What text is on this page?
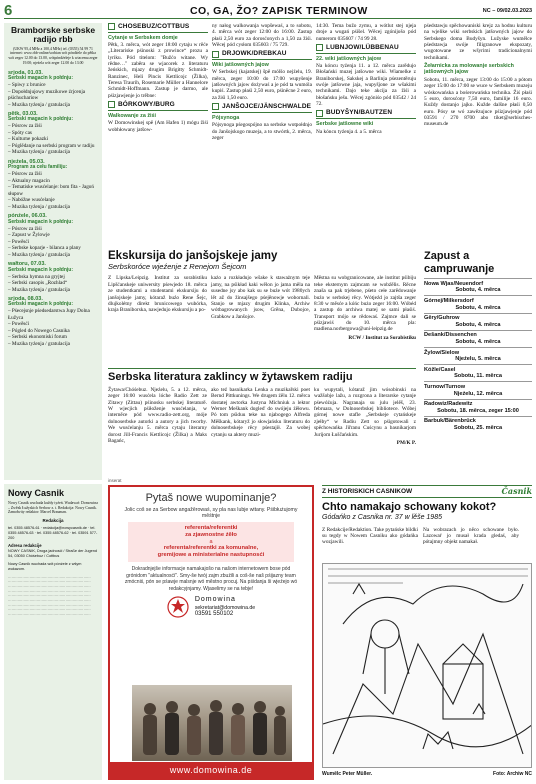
6	CO, GA, ŽO? ZAPISK TERMINOW	NC – 09/02.03.2023
Bramborske serbske radijo rbb
(UKW 95,4 MHz a 100,4 MHz) tel. (0355) 54 99 71 internet: www.rbb-online/sorbian wót póndźele do pětka wót zeger 12.00 do 13.00, wótpóndźeleje k wiacemu zeger 19.00; njeźela wót zeger 12.00 do 13.00
srjoda, 01.03.
Serbski magacin k połdnju:
– Spiwy z brunice
– Dopołdnjujowy muzikowe źrjcenja pśichuchariow
– Muzika tyźenja / gratulacija
pětk, 03.03.
Serbski magacin k połdnju:
– Pósrow za žiśi
– Spóty cas
– Kulturne pokazki
– Póglědanje na serbski program w radiju
– Muzika tyźenja / gratulacija
njeźela, 05.03.
Program za cełu familiju:
– Pósrow za žiśi
– Aktualny magacin
– Tematiske wusćelanje: bom fita - Jagoń słupow
– Nabóžne wusćelanje
– Muzika tyźenja / gratulacija
pónźele, 06.03.
Serbski magacin k połdnju:
– Pósrow za žiśi
– Zapust w Žylowje
– Powěsći
– Serbske koparje - bilanca a plany
– Muzika tyźenja / gratulacija
wałtoru, 07.03.
Serbski magacin k połdnju:
– Serbska hymna na gryjtej
– Serbski casopis „Rozhlad“
– Muzika tyźenja / gratulacija
srjoda, 08.03.
Serbski magacin k połdnju:
– Pśecejsnje pśedsedarstwa Jupy Dolna Łužyca
– Powěsći
– Pógled do Nowego Casnika
– Serbski ekonomiski forum
– Muzika tyźenja / gratulacija
Nowy Casnik
Nowy Casnik wuchada kuždy tyźeń. Wudawaŕ: Domowina – Zwězk Łužyskich Serbow z. t. Redakcija: Nowy Casnik. Zamołwity redaktor: Marcel Brauman.
Redakcija
tel. 0355 48576-61 · redakcija@nowycasnik.de · tel. 0355 48576-63 · tel. 0355 48576-62 · tel. 03591 577-200
Adresa redakcije
NOWY CASNIK, Droga jadnosći / Straße der Jugend 54, 03050 Chóśebuz / Cottbus
Nowy Casnik wuchada wót pónźele z wšym wukazom.
……………………………………………………………
……………………………………………………………
……………………………………………………………
……………………………………………………………
……………………………………………………………
……………………………………………………………
……………………………………………………………
……………………………………………………………
……………………………………………………………
CHÓŚEBUZ/COTTBUS
Cytanje w Serbskem domje

Pětk, 3. měrca, wót zeger 18:00 cytaju w rěće „Literariske pśinoski z prowince“ prozu a lyriku. Pód titelom: "Bužćo witane. Wy rědne…" zaběra se wjacorek z literaturu žeńskich, mjazy drugim Brigitty Schmidt-Ranzinec, Heli Pincis Kettlicojc (Žilka), Teresa Traurih, Rosemarie Müller a Hannelore Schmidt-Hoffmann. Zastup je darmo, ale pśizjawjenje jo trěbne:

BÓRKOWY/BURG
Walkowanje za žiśi

W Domowinskej spě (Am Hafen 1) mógu žiśi wobhłowany jatšow-

ny nałog walkowanja wopšewaś, a to sobotu, 4. měrca wót zeger 12:00 do 16:00. Zastup płaśi 2,50 euro za dorosćonych a 1,50 za žiśi. Wěcej pód cysłom 035603 / 75 729.

DRJOWK/DREBKAU
Wiki jatšowných jajow

W Serbskej (kajatskej) špě mólšo nejźelu, 19. měrca, zeger 10:00 do 17:00 wupyšenje jatšowných jajow dożywaś a je pód ta wumóla kupiś. Zastup płaśi 2,50 euro, pśiněcne 2 euro, za žiśi 1,50 euro.

JANŠOJCE/JÄNSCHWALDE
Pójsynoga

Pójsynoga pśegospójno na serbske wotpołdnjo do Janšojskogo muzeja, a to stwórtk, 2. měrca, zeger

14:30. Tema bužo zymu, a wótlut stej njeja droje a wugań pśišel. Wěcej zgónijošo pód numerom 035607 / 74 99 28.

LUBNJOW/LÜBBENAU
22. wiki jatšowných jajow

Na kóncu tyźenja 11. a 12. měrca zarědujo Błošański muzej jatšowne wiki. Wiamelke z Braniborskej, Sakskej a Barlinja pśezentěruju swóje jatšowne jaja, wupyšjone ze wšakimi technikami. Dajo teke akcija za žiśi a błošańsku ješu. Wěcej zgóniśo pód 03542 / 24 72.

BUDYŠYN/BAUTZEN
Serbske jatšowne wiki

Na kóncu tyźenja 4. a 5. měrca

pśedstawju spěchowaniski krejz za hodnu kulturu na wjelike wiki serbskich jatšowných jajow do Serbskego doma Budyšyn. Lužyske wumělce pśedstawja swóje filigranowe ekspozaty, wugotowane ze wšyrimi tradicionalnymi technikami.

Žełarnicka za molowanje serbskich jatšowných jajow

Sobotu, 11. měrca, zeger 13:00 do 15:00 a pótom zeger 15:00 do 17:00 se wuce w Serbskem muzeju wóskowańska a bośerowańska technika. Žiś płaśi 5 euro, dorosćony 7,50 euro, familije 16 euro. Kuždy dostanjo jajko. Kužde dalšne płaśi 0,50 euro. Pósy se wó zawězujuce pśizjawjenje pód 03591 / 270 8700 abo tiket@serbisches-museum.de

Ekskursija do janšojskeje jamy
Serbskoróce wjeźenje z Renejom Šejcom

Z Lipska/Leipzig. Institut za sorabistiku Lipšćanskeje uniwersity pśewjedo 18. měrca ze studentkami a studentami ekskursiju do janšojskeje jamy, kótaraž buźo Rene Šejc, dlujkolétny direkt brunicowego wubórka, kraja Braniborska, nawjedujo ekskursiju a po-

każo a rozkładujo wšake k staważnym teje jamy, na pśikład kaki wělon jo jama měla na susedne jsy abo kak su se buźe wót 1980ych lět až do žinsajšego pśejěnowje wobornali. Stanjo se mjazy drugim Klinka, Archiw wótbagrowanych jsow, Grěna, Dubojce, Grabkow a Janšojce.

Městna su wobgranicowane, ale institut pśibiju teke eksternym zajmcam se wobźělis. Rěcne znaša sa pak trjebene, pśeto cełe zarědowanje buźo w serbskej rěcy. Wótjeźd jo zajtša zeger 8:30 w měsće a kóńc bużo zeger 16:00. Wóbéd a zastup do archiwa matej se sami płaśiś. Transport mójo se rědowaś. Zajmce dali se pśizjawiś do 10. měrca pla: madlena.norbergowa@uni-leipzig.de

RCW / Institut za Sorabistiku

Zapust a campruwanje
Nowa Wjas/Neuendorf
Sobotu, 4. měrca
Górnej/Milkersdorf
Sobotu, 4. měrca
Gěry/Guhrow
Sobotu, 4. měrca
Dešank/Dissenchen
Sobotu, 4. měrca
Žylow/Sielow
Njeźelu, 5. měrca
Kóžle/Casel
Sobotu, 11. měrca
Turnow/Turnow
Njeźelu, 12. měrca
Radowiz/Radewitz
Sobotu, 18. měrca, zeger 15:00
Barbuk/Bärenbrück
Sobotu, 25. měrca
Serbska literatura zaklincy w žytawskem radiju

Žytawa/Chóśebuz. Njeźelu, 5. a 12. měrca, zeger 16:00 wusćela lóche Radio Zett ze Zitawy (Zittau) pśinosku serbskej literaturě. W wjecjich pśiłoženje wusćelanja, w interněce pód www.radio-zett.org, móje dolnoserbske autorki a autory a jich tworby. We wusćelanju 5. měrca cytaju literarny dorost Jill-Francis Kettlicojc (Žilka) a Maks Bagańc,

ako teź basnikarka Lenka a muzikařski poet Bernd Pittkunings. We drugem źělu 12. měrca dostatej awtorka Justyna Michniuk a lektor Werner Meškank dogleď do swójeju źěłowu. Pó tom pśiduu teke na njabogego Alfreda Měškank, kótaryž jo słowjańsku literaturu do dolnoserbskeje rěcy pśestajił. Za wobej cytanju sa aktery muzi-

ku wupytali, kótaraž jim wósobinski na wažšobje lažu, a rozgrona a literarske cytanje pśewóźuja. Nagranaja su julu jelěš, 23. februara, w Dolnoserbskej bibliotece. Wóbej górnej nowe stafle „Serbskeje cytańskeje zjełby“ w Radiu Zett so pśigotowali z spěchowańka Jiřranu Cuścynu a basnikarjom Jurijom Łuščańskim.

PM/K P.

inserat
Pytaš nowe wupominanje?
Jolic coš se za Serbow angažěrowaś, sy pla nas lubje witany. Pśibłużujomy měśtnje
referenta/referentki
za zjawnostne źěło
a
referenta/referentki za komunalne,
gremijowe a ministerialne nastupnosći
Dokradnjejše informacje namakajošo na našom internetowem bose pód grónidom "aktualnosći". Smy-še twój zajm zbuźili a coš-še naš pśijazny team zmócniś, pón se pśawje malsnje wó městno procuj. Na pśidanja ši wjeźejo wó redakcyjnjamy. Wjaselimy se na tebje!
Domowina
sekretariat@domowina.de
03591 550102
www.domowina.de
Z HISTORISKICH CASNIKOW	Časnik
Chto namakajo schowany kokot?
Gódańko z Casnika nr. 37 w lěše 1985

Z Redakcije/Redaktion. Take pytańske bildki su tegdy w Nowem Casniku ako gódańka wozjawili.

Na wobrazach jo něco schowane było. Lazowaŕ jo musał krada gledaś, aby pótajmny objekt namakał.

Wumělc Peter Müller.	Foto: Archiw NC
